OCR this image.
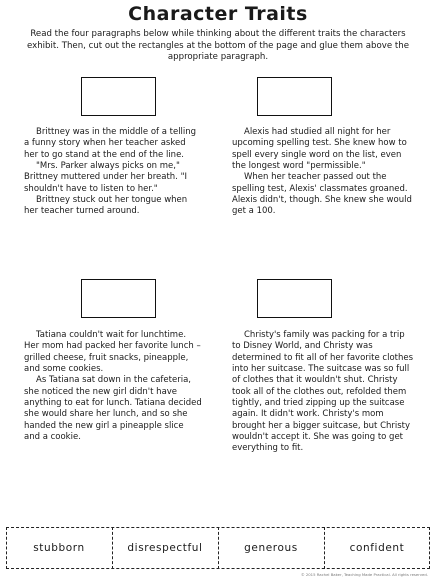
Character Traits
Read the four paragraphs below while thinking about the different traits the characters exhibit. Then, cut out the rectangles at the bottom of the page and glue them above the appropriate paragraph.

Brittney was in the middle of a telling a funny story when her teacher asked her to go stand at the end of the line.

"Mrs. Parker always picks on me," Brittney muttered under her breath. "I shouldn't have to listen to her."

Brittney stuck out her tongue when her teacher turned around.

Alexis had studied all night for her upcoming spelling test. She knew how to spell every single word on the list, even the longest word "permissible."

When her teacher passed out the spelling test, Alexis' classmates groaned. Alexis didn't, though. She knew she would get a 100.

Tatiana couldn't wait for lunchtime. Her mom had packed her favorite lunch – grilled cheese, fruit snacks, pineapple, and some cookies.

As Tatiana sat down in the cafeteria, she noticed the new girl didn't have anything to eat for lunch. Tatiana decided she would share her lunch, and so she handed the new girl a pineapple slice and a cookie.

Christy's family was packing for a trip to Disney World, and Christy was determined to fit all of her favorite clothes into her suitcase. The suitcase was so full of clothes that it wouldn't shut. Christy took all of the clothes out, refolded them tightly, and tried zipping up the suitcase again. It didn't work. Christy's mom brought her a bigger suitcase, but Christy wouldn't accept it. She was going to get everything to fit.

stubborn	disrespectful	generous	confident
© 2015 Rachel Baker, Teaching Made Practical. All rights reserved.
